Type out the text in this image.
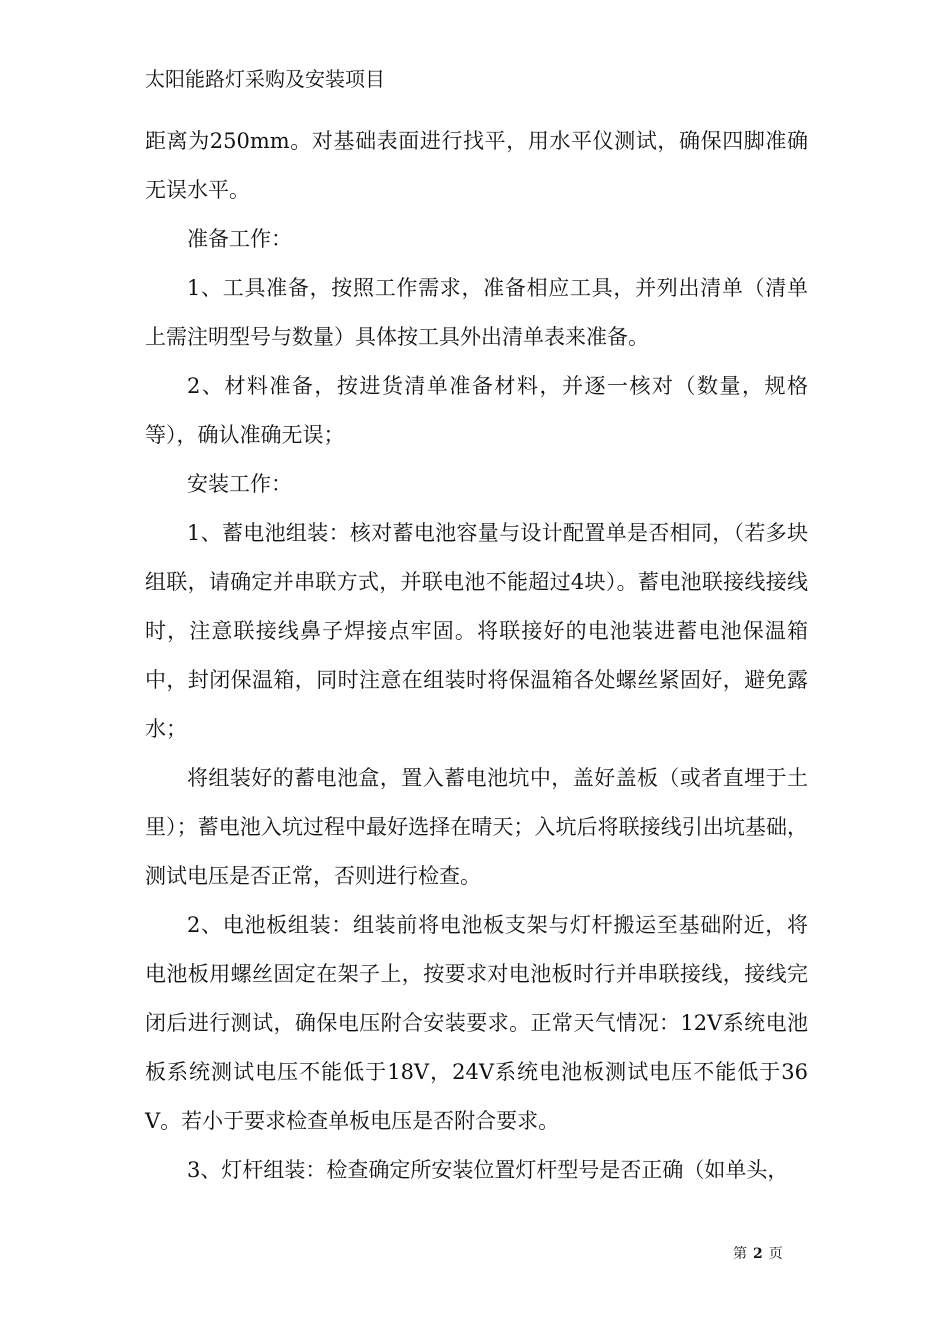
太阳能路灯采购及安装项目

距离为250mm。对基础表面进行找平，用水平仪测试，确保四脚准确无误水平。

准备工作：

1、工具准备，按照工作需求，准备相应工具，并列出清单（清单上需注明型号与数量）具体按工具外出清单表来准备。

2、材料准备，按进货清单准备材料，并逐一核对（数量，规格等），确认准确无误；

安装工作：

1、蓄电池组装：核对蓄电池容量与设计配置单是否相同，（若多块组联，请确定并串联方式，并联电池不能超过4块）。蓄电池联接线接线时，注意联接线鼻子焊接点牢固。将联接好的电池装进蓄电池保温箱中，封闭保温箱，同时注意在组装时将保温箱各处螺丝紧固好，避免露水；

将组装好的蓄电池盒，置入蓄电池坑中，盖好盖板（或者直埋于土里）；蓄电池入坑过程中最好选择在晴天；入坑后将联接线引出坑基础，测试电压是否正常，否则进行检查。

2、电池板组装：组装前将电池板支架与灯杆搬运至基础附近，将电池板用螺丝固定在架子上，按要求对电池板时行并串联接线，接线完闭后进行测试，确保电压附合安装要求。正常天气情况：12V系统电池板系统测试电压不能低于18V，24V系统电池板测试电压不能低于36V。若小于要求检查单板电压是否附合要求。

3、灯杆组装：检查确定所安装位置灯杆型号是否正确（如单头，

第 2 页
